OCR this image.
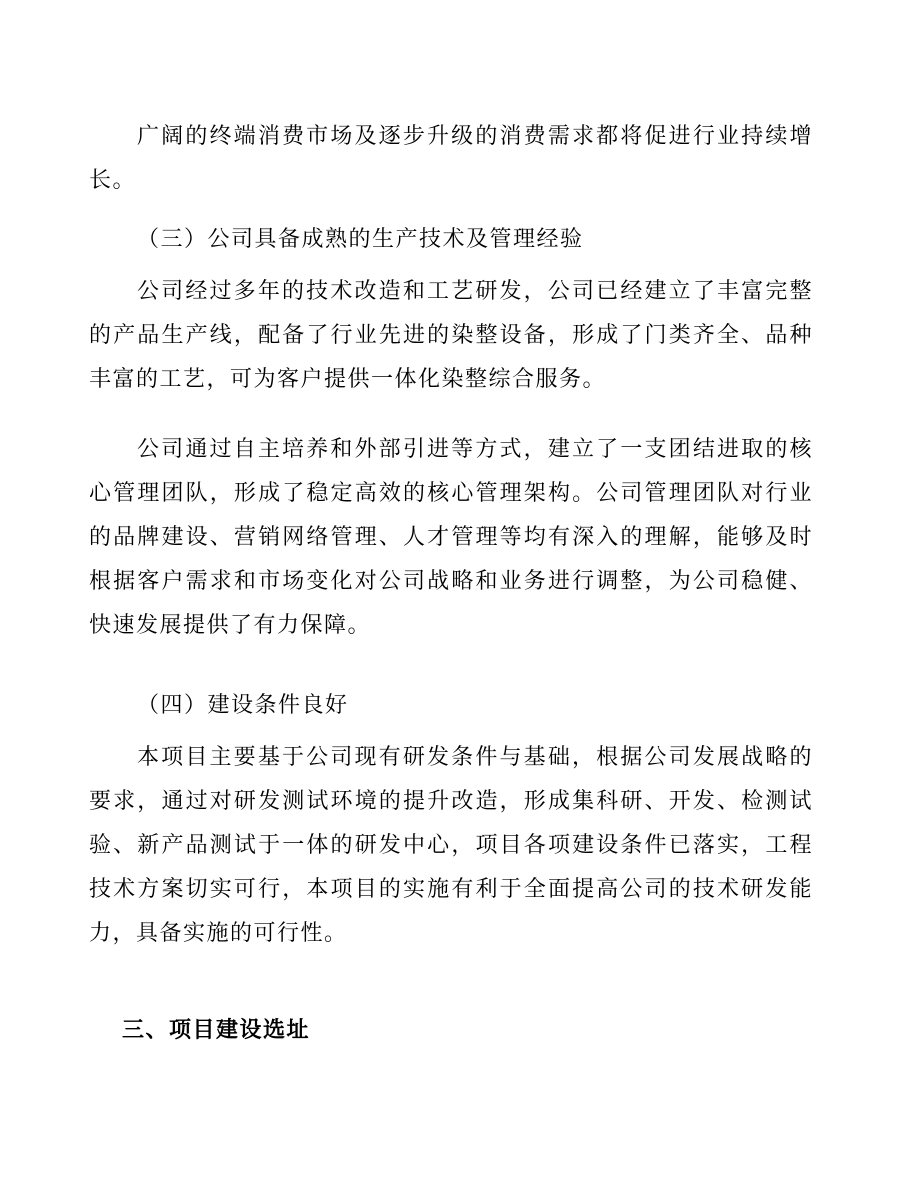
广阔的终端消费市场及逐步升级的消费需求都将促进行业持续增长。

（三）公司具备成熟的生产技术及管理经验

公司经过多年的技术改造和工艺研发，公司已经建立了丰富完整的产品生产线，配备了行业先进的染整设备，形成了门类齐全、品种丰富的工艺，可为客户提供一体化染整综合服务。

公司通过自主培养和外部引进等方式，建立了一支团结进取的核心管理团队，形成了稳定高效的核心管理架构。公司管理团队对行业的品牌建设、营销网络管理、人才管理等均有深入的理解，能够及时根据客户需求和市场变化对公司战略和业务进行调整，为公司稳健、快速发展提供了有力保障。

（四）建设条件良好

本项目主要基于公司现有研发条件与基础，根据公司发展战略的要求，通过对研发测试环境的提升改造，形成集科研、开发、检测试验、新产品测试于一体的研发中心，项目各项建设条件已落实，工程技术方案切实可行，本项目的实施有利于全面提高公司的技术研发能力，具备实施的可行性。

三、项目建设选址
